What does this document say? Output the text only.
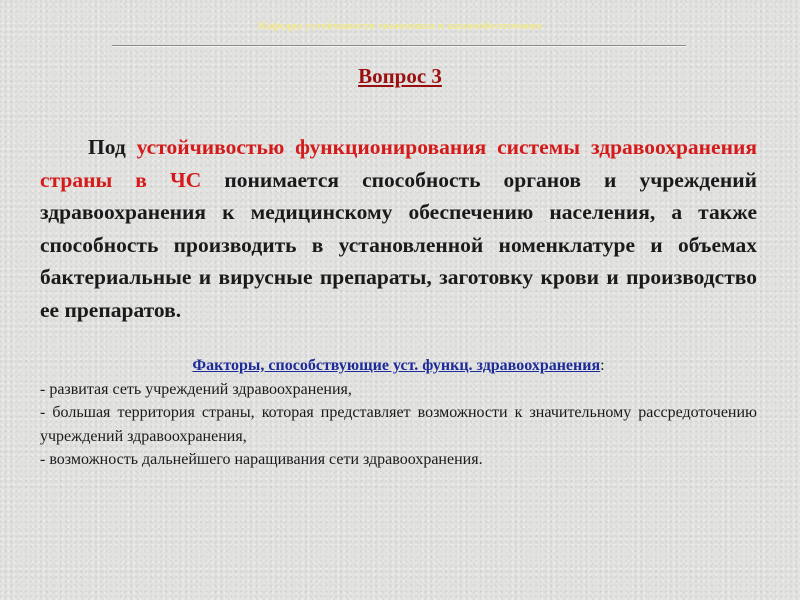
Кафедра устойчивости экономики и жизнеобеспечения
Вопрос 3
Под устойчивостью функционирования системы здравоохранения страны в ЧС понимается способность органов и учреждений здравоохранения к медицинскому обеспечению населения, а также способность производить в установленной номенклатуре и объемах бактериальные и вирусные препараты, заготовку крови и производство ее препаратов.
Факторы, способствующие уст. функц. здравоохранения:
- развитая сеть учреждений здравоохранения,
- большая территория страны, которая представляет возможности к значительному рассредоточению учреждений здравоохранения,
- возможность дальнейшего наращивания сети здравоохранения.
